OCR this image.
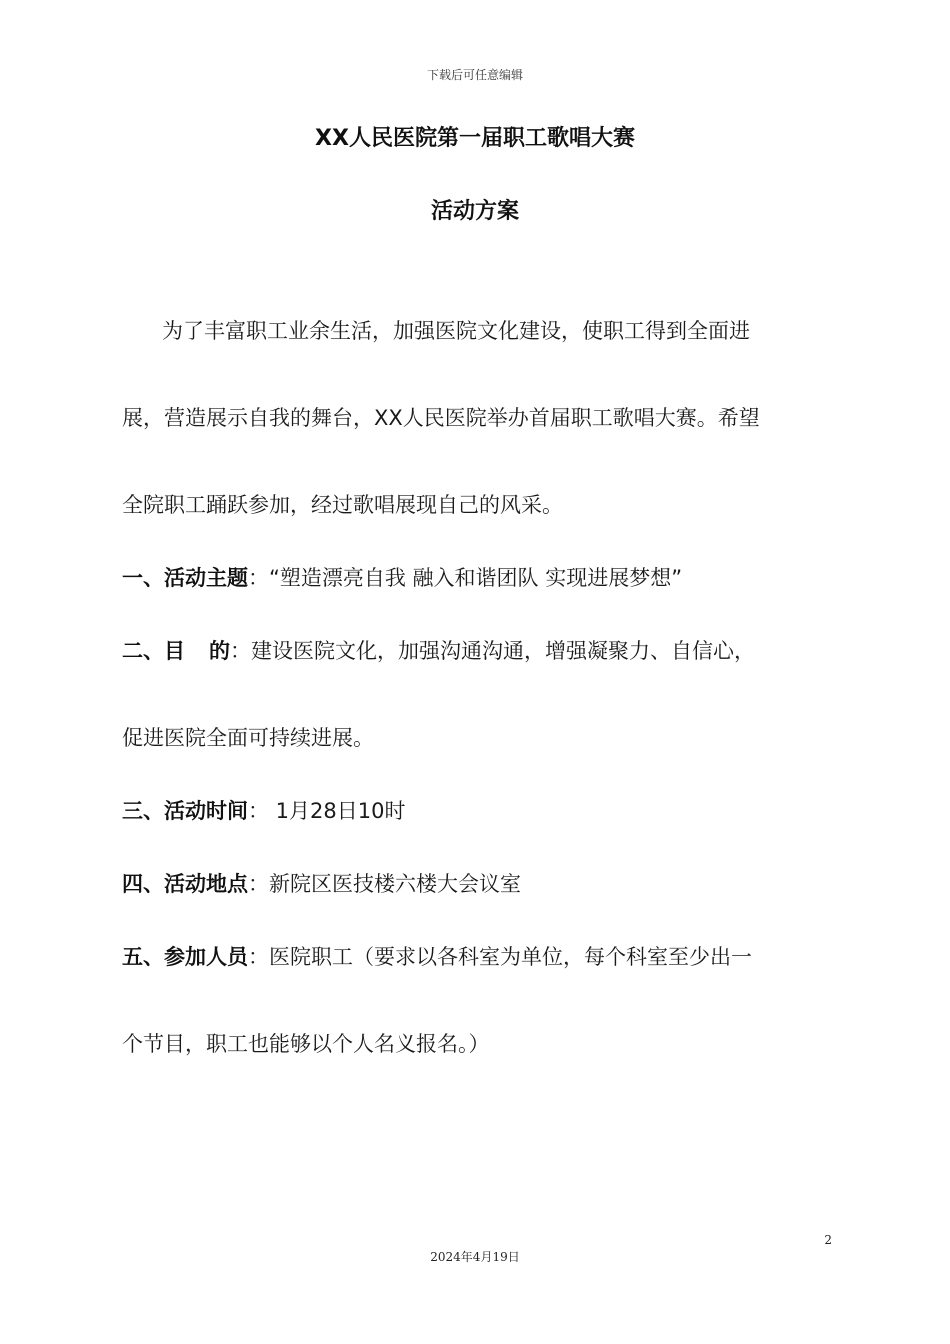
下载后可任意编辑
XX人民医院第一届职工歌唱大赛
活动方案
为了丰富职工业余生活，加强医院文化建设，使职工得到全面进
展，营造展示自我的舞台，XX人民医院举办首届职工歌唱大赛。希望
全院职工踊跃参加，经过歌唱展现自己的风采。
一、活动主题：“塑造漂亮自我 融入和谐团队 实现进展梦想”
二、目 的：建设医院文化，加强沟通沟通，增强凝聚力、自信心，
促进医院全面可持续进展。
三、活动时间： 1月28日10时
四、活动地点：新院区医技楼六楼大会议室
五、参加人员：医院职工（要求以各科室为单位，每个科室至少出一
个节目，职工也能够以个人名义报名。）
2
2024年4月19日
